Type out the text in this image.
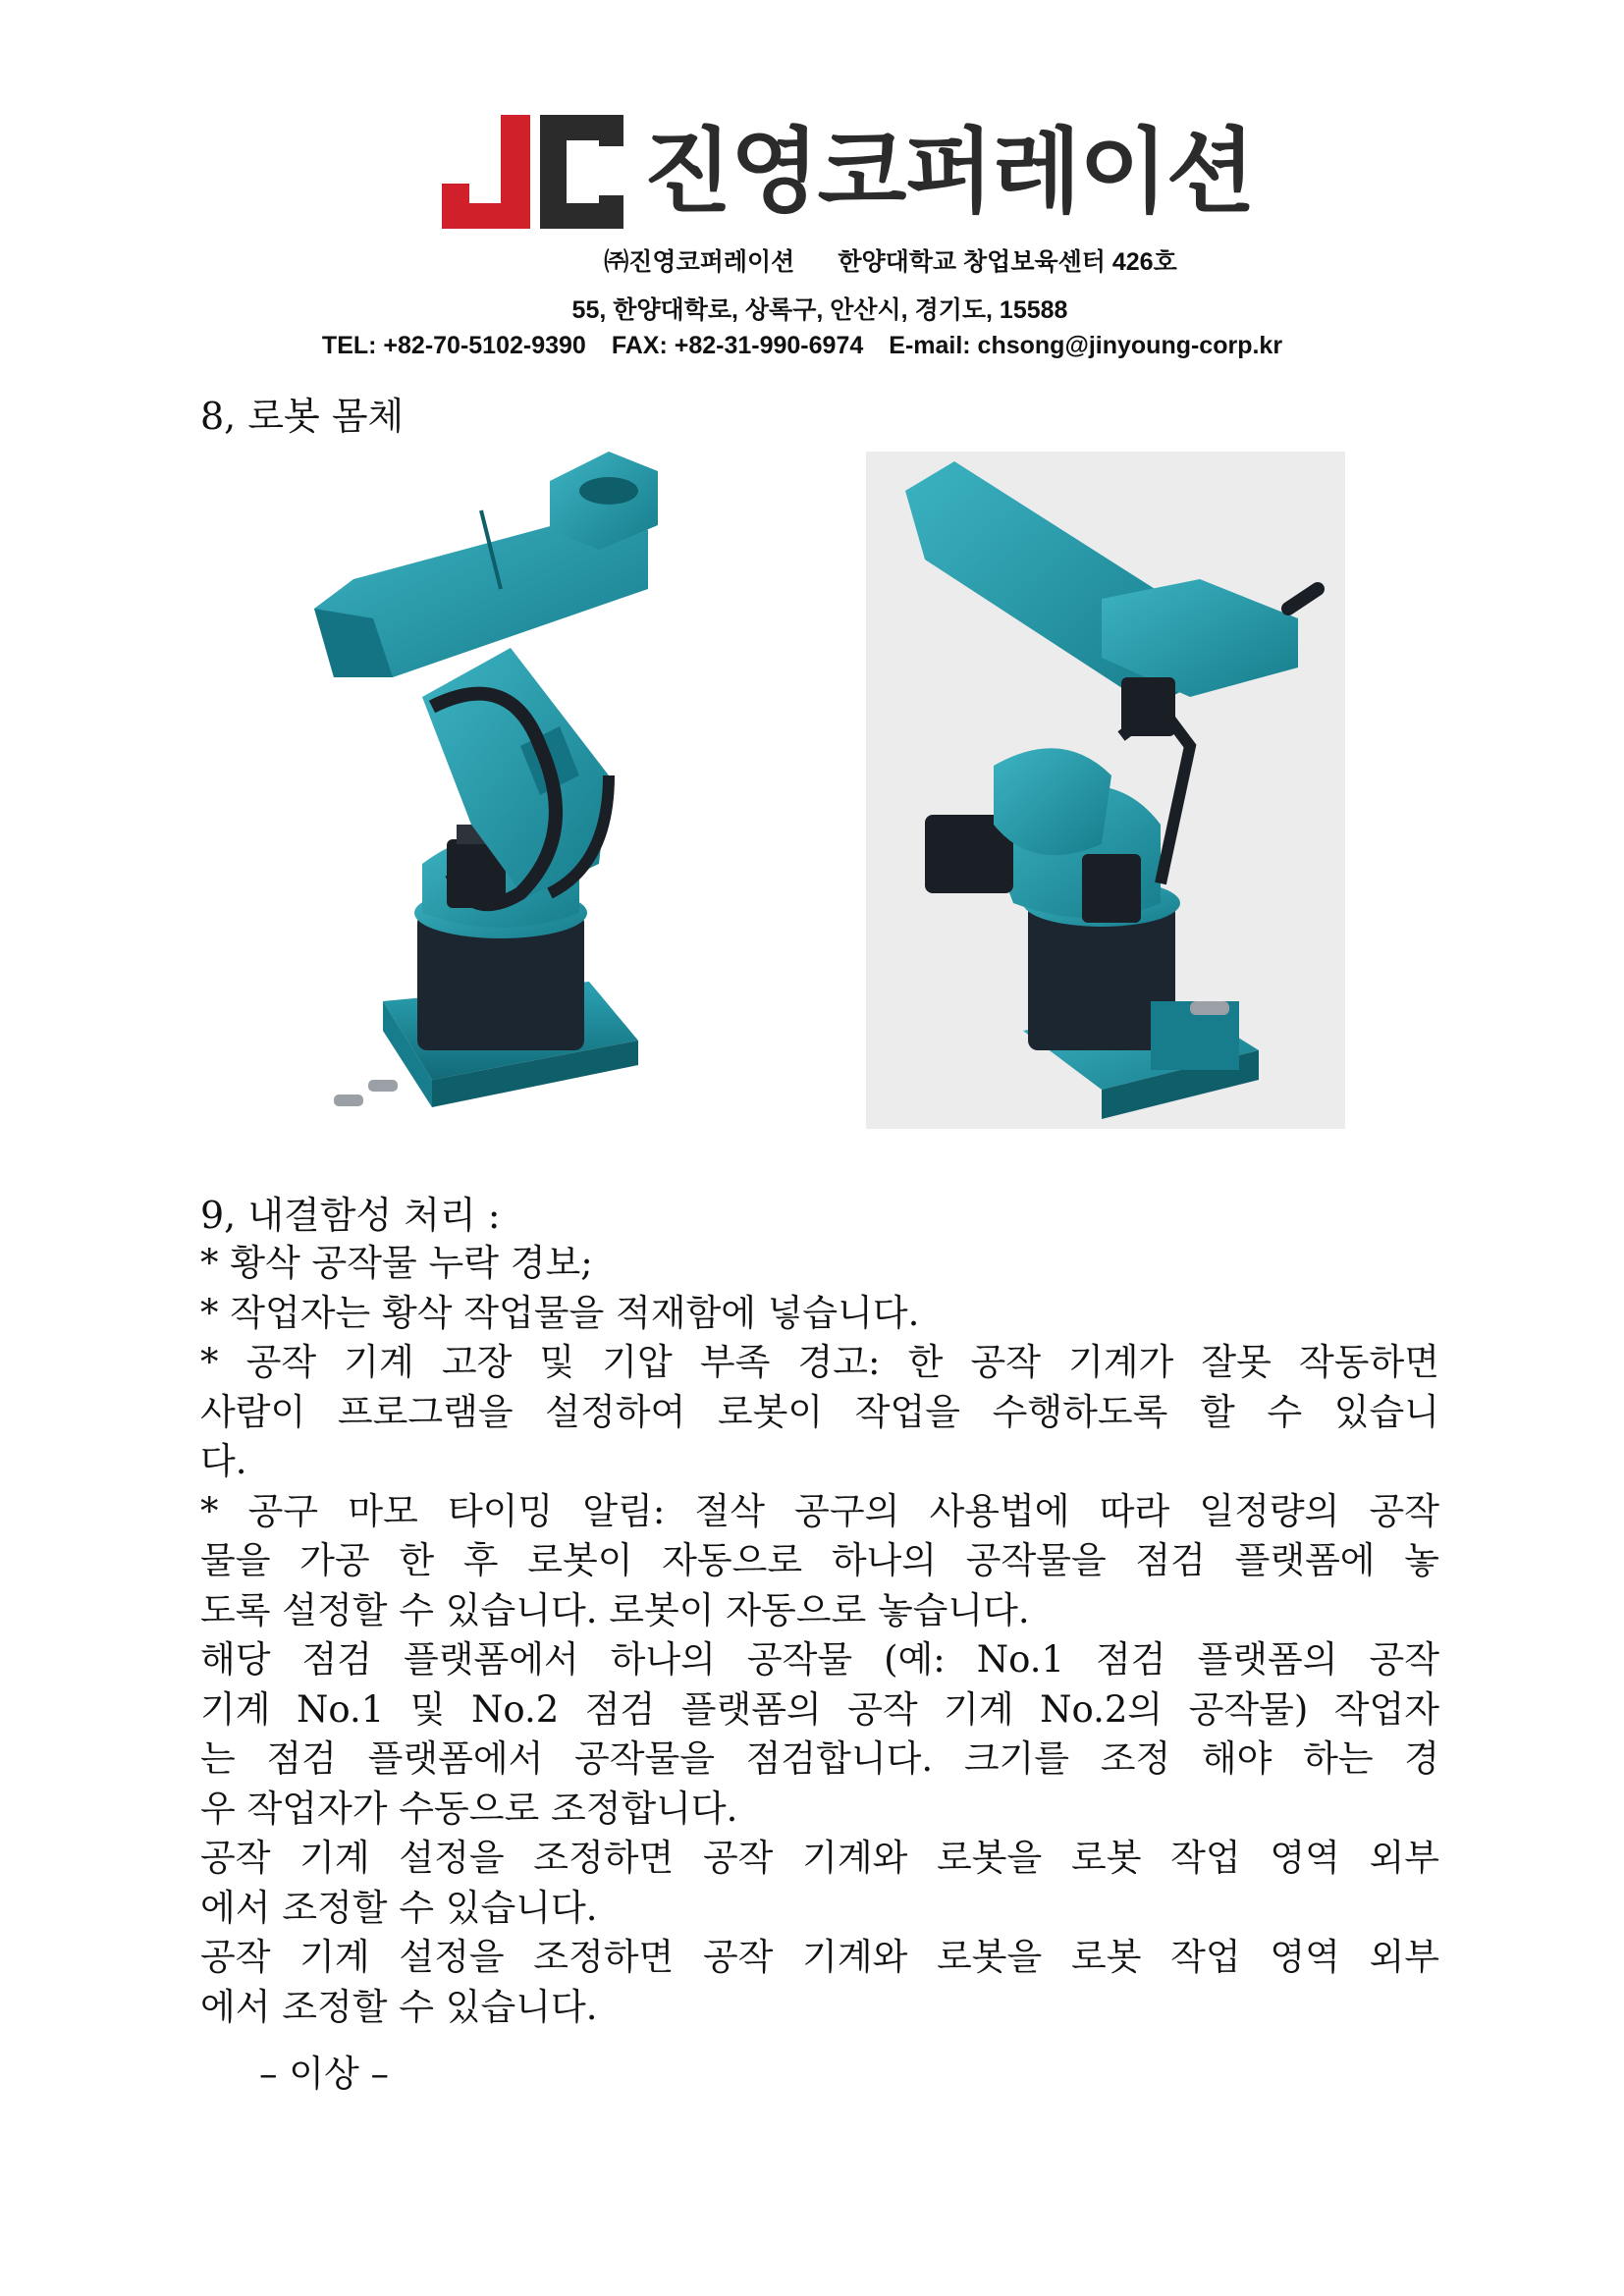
진영코퍼레이션
㈜진영코퍼레이션 한양대학교 창업보육센터 426호
55, 한양대학로, 상록구, 안산시, 경기도, 15588
TEL: +82-70-5102-9390 FAX: +82-31-990-6974 E-mail: chsong@jinyoung-corp.kr
8, 로봇 몸체
9, 내결함성 처리 :
* 황삭 공작물 누락 경보;
* 작업자는 황삭 작업물을 적재함에 넣습니다.
* 공작 기계 고장 및 기압 부족 경고: 한 공작 기계가 잘못 작동하면
사람이 프로그램을 설정하여 로봇이 작업을 수행하도록 할 수 있습니
다.
* 공구 마모 타이밍 알림: 절삭 공구의 사용법에 따라 일정량의 공작
물을 가공 한 후 로봇이 자동으로 하나의 공작물을 점검 플랫폼에 놓
도록 설정할 수 있습니다. 로봇이 자동으로 놓습니다.
해당 점검 플랫폼에서 하나의 공작물 (예: No.1 점검 플랫폼의 공작
기계 No.1 및 No.2 점검 플랫폼의 공작 기계 No.2의 공작물) 작업자
는 점검 플랫폼에서 공작물을 점검합니다. 크기를 조정 해야 하는 경
우 작업자가 수동으로 조정합니다.
공작 기계 설정을 조정하면 공작 기계와 로봇을 로봇 작업 영역 외부
에서 조정할 수 있습니다.
공작 기계 설정을 조정하면 공작 기계와 로봇을 로봇 작업 영역 외부
에서 조정할 수 있습니다.
– 이상 –
